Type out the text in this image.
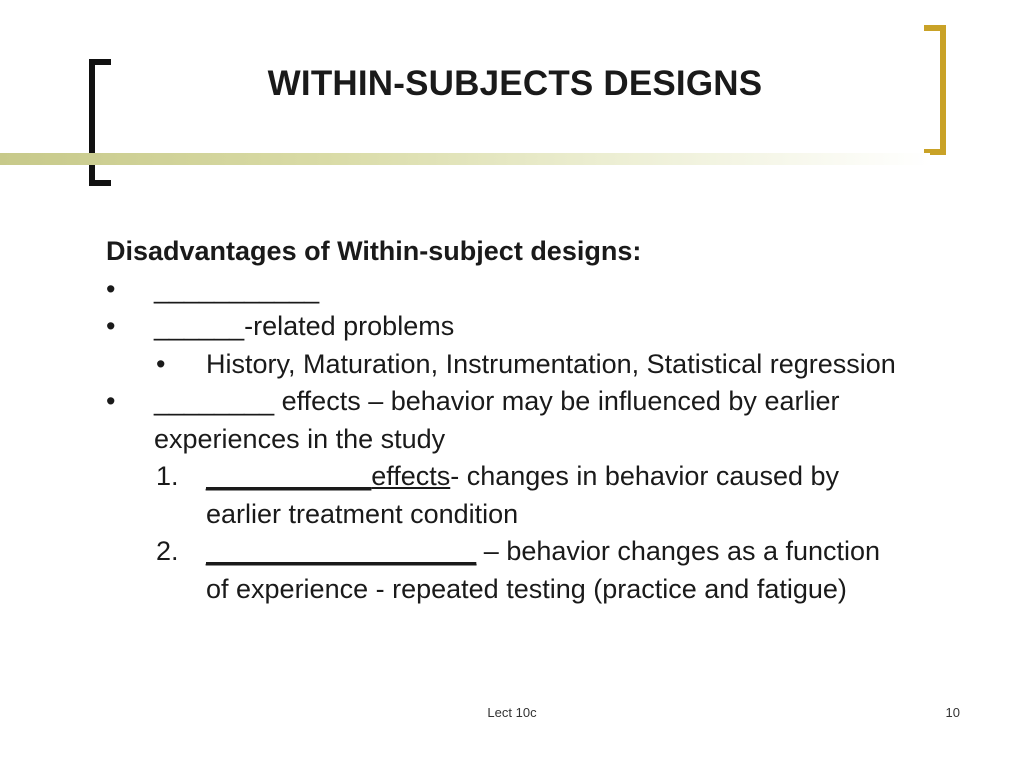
WITHIN-SUBJECTS DESIGNS
Disadvantages of Within-subject designs:
• ___________
• ______-related problems
• History, Maturation, Instrumentation, Statistical regression
• ________ effects – behavior may be influenced by earlier experiences in the study
1. ___________effects- changes in behavior caused by earlier treatment condition
2. __________________ – behavior changes as a function of experience - repeated testing (practice and fatigue)
Lect 10c	10
